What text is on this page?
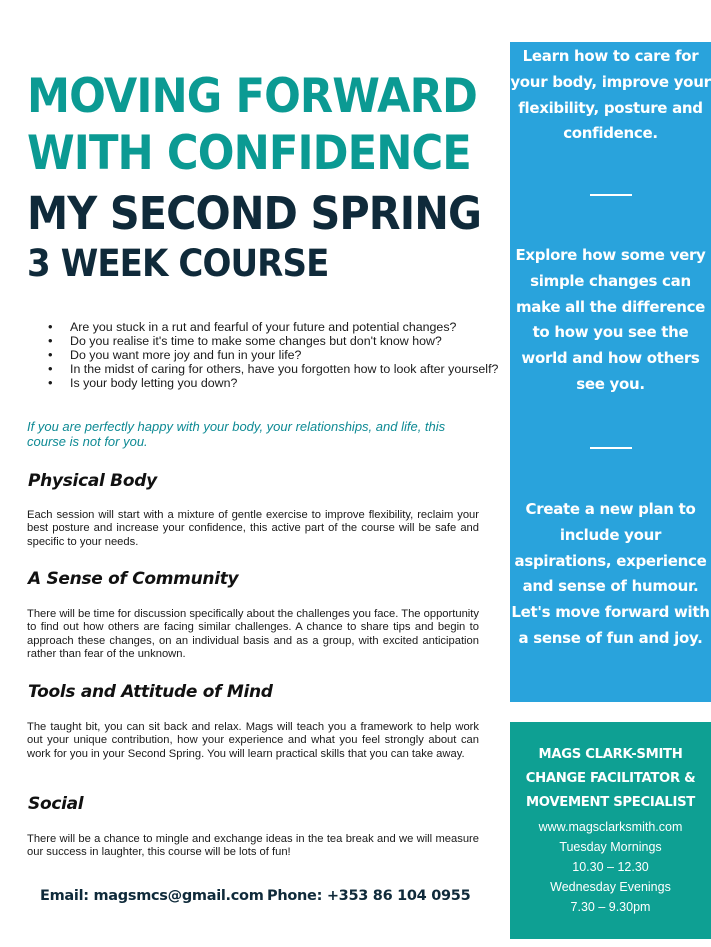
MOVING FORWARD
WITH CONFIDENCE
MY SECOND SPRING
3 WEEK COURSE
• Are you stuck in a rut and fearful of your future and potential changes?
• Do you realise it's time to make some changes but don't know how?
• Do you want more joy and fun in your life?
• In the midst of caring for others, have you forgotten how to look after yourself?
• Is your body letting you down?
If you are perfectly happy with your body, your relationships, and life, this course is not for you.
Physical Body
Each session will start with a mixture of gentle exercise to improve flexibility, reclaim your best posture and increase your confidence, this active part of the course will be safe and specific to your needs.
A Sense of Community
There will be time for discussion specifically about the challenges you face. The opportunity to find out how others are facing similar challenges. A chance to share tips and begin to approach these changes, on an individual basis and as a group, with excited anticipation rather than fear of the unknown.
Tools and Attitude of Mind
The taught bit, you can sit back and relax. Mags will teach you a framework to help work out your unique contribution, how your experience and what you feel strongly about can work for you in your Second Spring. You will learn practical skills that you can take away.
Social
There will be a chance to mingle and exchange ideas in the tea break and we will measure our success in laughter, this course will be lots of fun!
Email: magsmcs@gmail.com Phone: +353 86 104 0955
Learn how to care for your body, improve your flexibility, posture and confidence.
Explore how some very simple changes can make all the difference to how you see the world and how others see you.
Create a new plan to include your aspirations, experience and sense of humour. Let's move forward with a sense of fun and joy.
MAGS CLARK-SMITH
CHANGE FACILITATOR & MOVEMENT SPECIALIST
www.magsclarksmith.com
Tuesday Mornings
10.30 – 12.30
Wednesday Evenings
7.30 – 9.30pm
